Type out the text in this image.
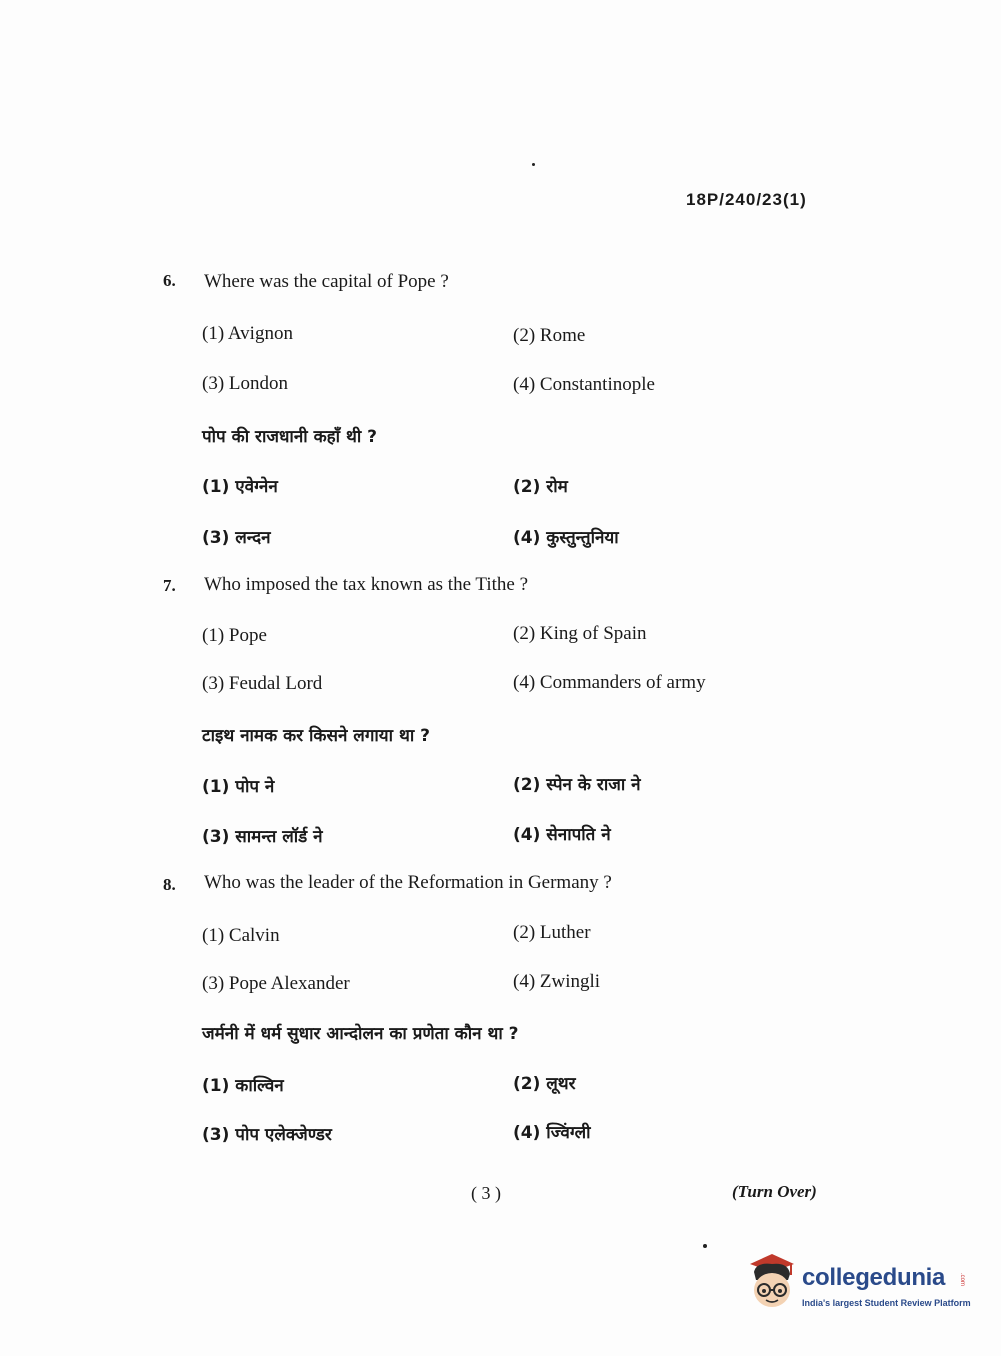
18P/240/23(1)
6. Where was the capital of Pope ?
(1) Avignon	(2) Rome
(3) London	(4) Constantinople
पोप की राजधानी कहाँ थी ?
(1) एवेग्नेन	(2) रोम
(3) लन्दन	(4) कुस्तुन्तुनिया
7. Who imposed the tax known as the Tithe ?
(1) Pope	(2) King of Spain
(3) Feudal Lord	(4) Commanders of army
टाइथ नामक कर किसने लगाया था ?
(1) पोप ने	(2) स्पेन के राजा ने
(3) सामन्त लॉर्ड ने	(4) सेनापति ने
8. Who was the leader of the Reformation in Germany ?
(1) Calvin	(2) Luther
(3) Pope Alexander	(4) Zwingli
जर्मनी में धर्म सुधार आन्दोलन का प्रणेता कौन था ?
(1) काल्विन	(2) लूथर
(3) पोप एलेक्जेण्डर	(4) ज्विंग्ली
( 3 )	(Turn Over)
collegedunia .com
India's largest Student Review Platform
